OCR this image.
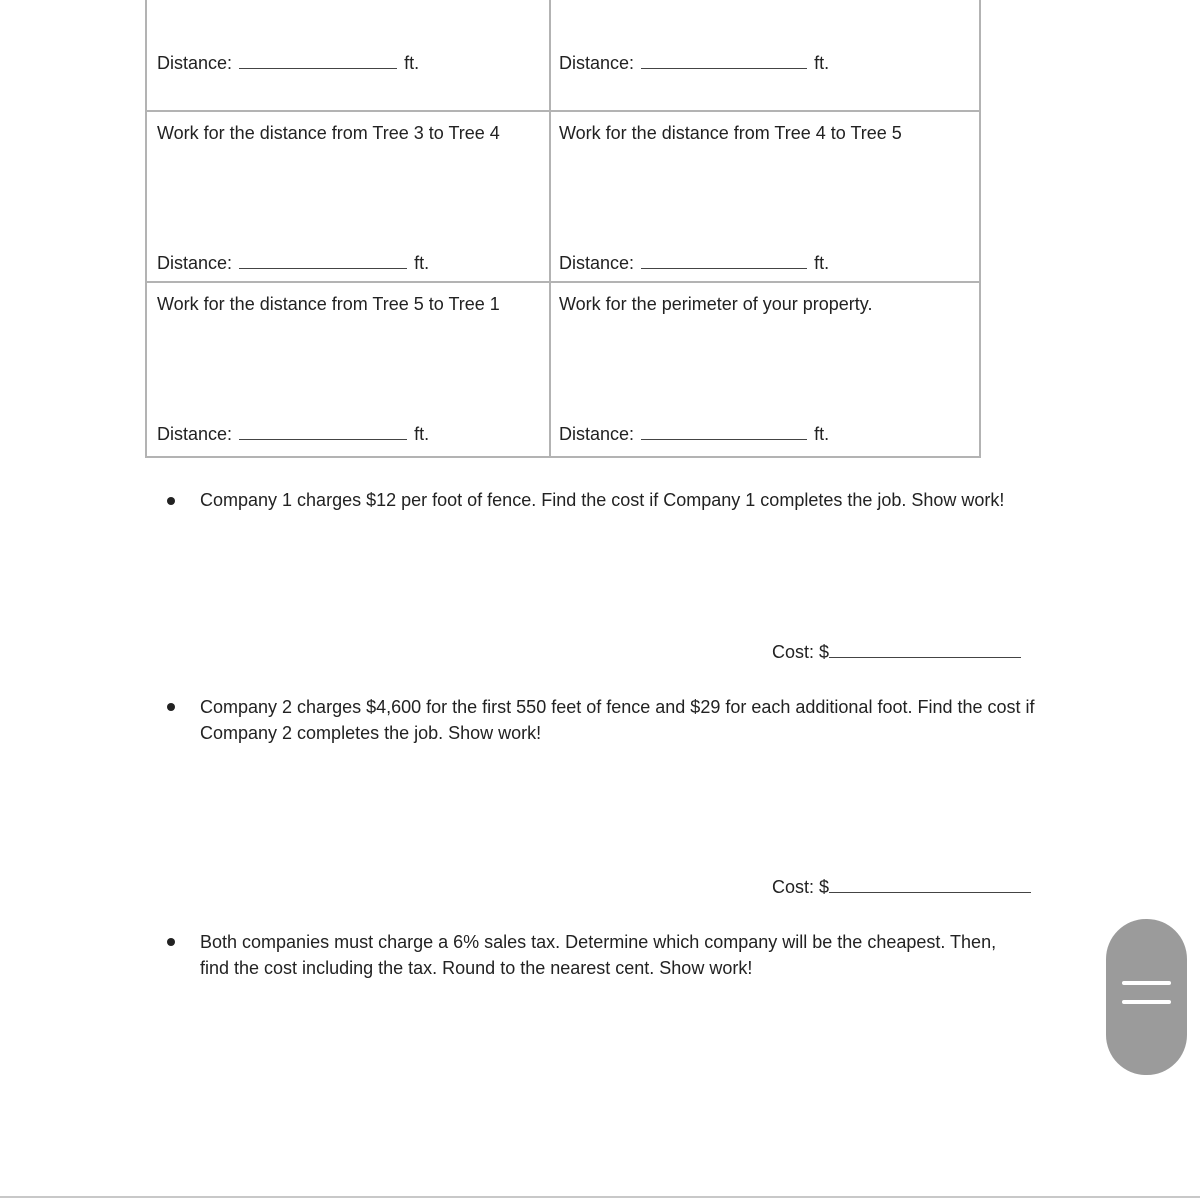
Distance:	ft.	Distance:	ft.
Work for the distance from Tree 3 to Tree 4	Work for the distance from Tree 4 to Tree 5
Distance:	ft.	Distance:	ft.
Work for the distance from Tree 5 to Tree 1	Work for the perimeter of your property.
Distance:	ft.	Distance:	ft.
Company 1 charges $12 per foot of fence. Find the cost if Company 1 completes the job. Show work!
Cost: $
Company 2 charges $4,600 for the first 550 feet of fence and $29 for each additional foot. Find the cost if Company 2 completes the job. Show work!
Cost: $
Both companies must charge a 6% sales tax. Determine which company will be the cheapest. Then, find the cost including the tax. Round to the nearest cent. Show work!
